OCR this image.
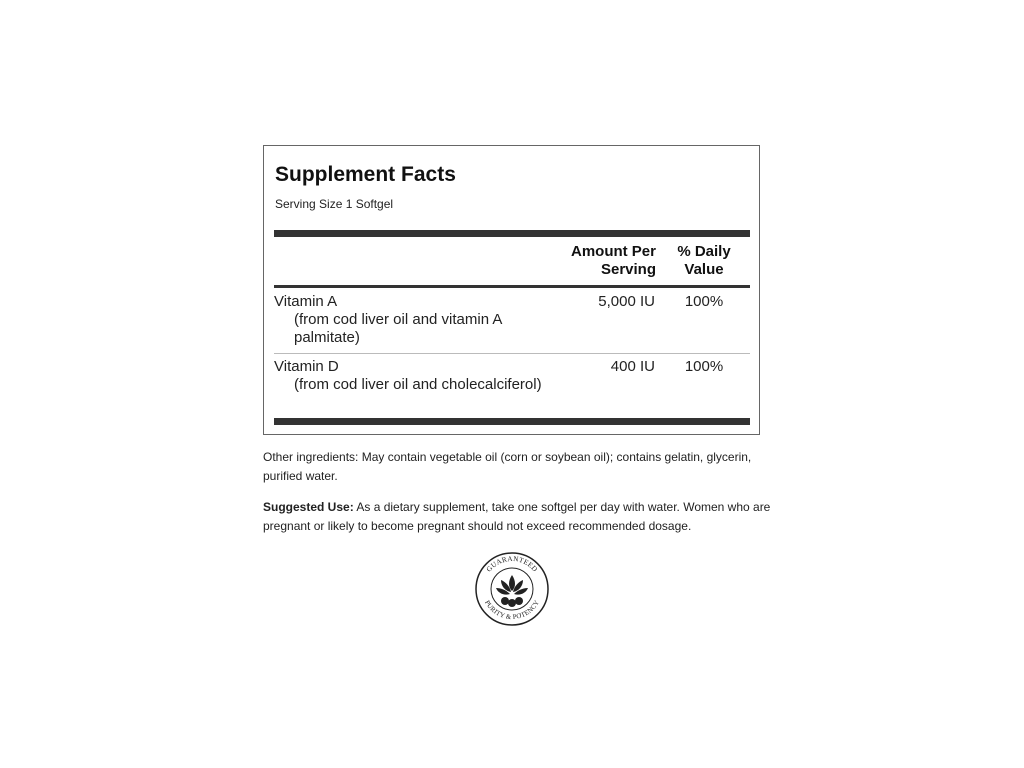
Supplement Facts
Serving Size 1 Softgel
Amount Per
Serving
% Daily
Value
Vitamin A
(from cod liver oil and vitamin A palmitate)
5,000 IU	100%
Vitamin D
(from cod liver oil and cholecalciferol)
400 IU	100%
Other ingredients: May contain vegetable oil (corn or soybean oil); contains gelatin, glycerin, purified water.
Suggested Use: As a dietary supplement, take one softgel per day with water. Women who are pregnant or likely to become pregnant should not exceed recommended dosage.
GUARANTEED
PURITY & POTENCY
